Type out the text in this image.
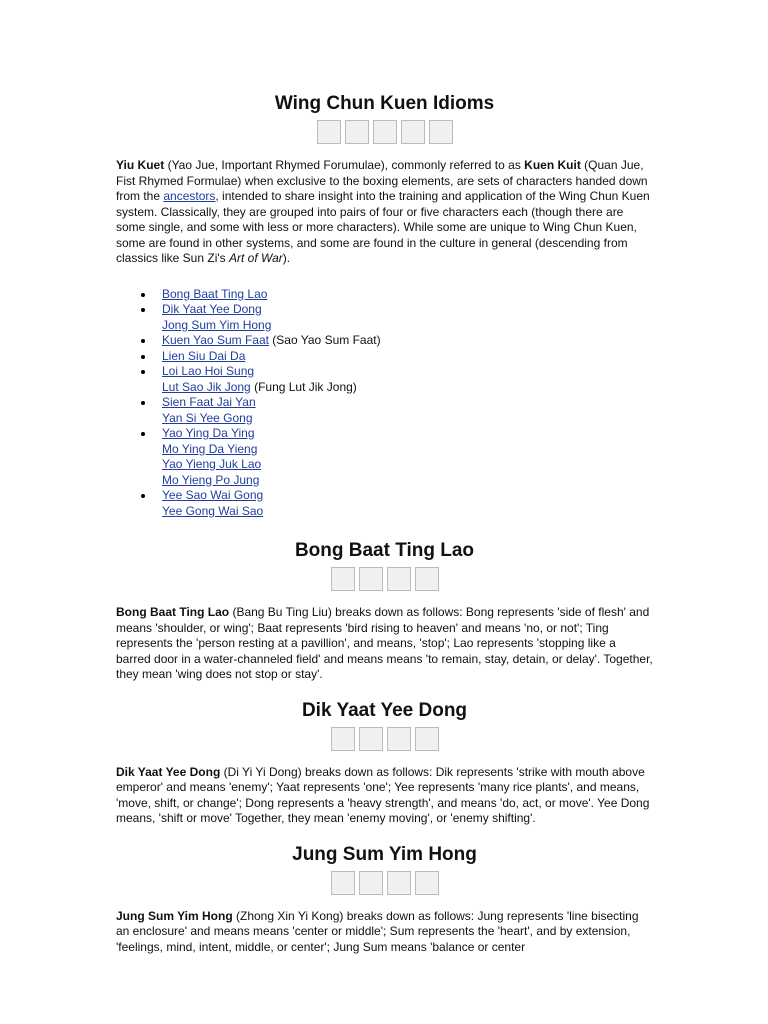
Wing Chun Kuen Idioms

Yiu Kuet (Yao Jue, Important Rhymed Forumulae), commonly referred to as Kuen Kuit (Quan Jue, Fist Rhymed Formulae) when exclusive to the boxing elements, are sets of characters handed down from the ancestors, intended to share insight into the training and application of the Wing Chun Kuen system. Classically, they are grouped into pairs of four or five characters each (though there are some single, and some with less or more characters). While some are unique to Wing Chun Kuen, some are found in other systems, and some are found in the culture in general (descending from classics like Sun Zi's Art of War).

Bong Baat Ting Lao
Dik Yaat Yee Dong
Jong Sum Yim Hong
Kuen Yao Sum Faat (Sao Yao Sum Faat)
Lien Siu Dai Da
Loi Lao Hoi Sung
Lut Sao Jik Jong (Fung Lut Jik Jong)
Sien Faat Jai Yan
Yan Si Yee Gong
Yao Ying Da Ying
Mo Ying Da Yieng
Yao Yieng Juk Lao
Mo Yieng Po Jung
Yee Sao Wai Gong
Yee Gong Wai Sao
Bong Baat Ting Lao

Bong Baat Ting Lao (Bang Bu Ting Liu) breaks down as follows: Bong represents 'side of flesh' and means 'shoulder, or wing'; Baat represents 'bird rising to heaven' and means 'no, or not'; Ting represents the 'person resting at a pavillion', and means, 'stop'; Lao represents 'stopping like a barred door in a water-channeled field' and means means 'to remain, stay, detain, or delay'. Together, they mean 'wing does not stop or stay'.

Dik Yaat Yee Dong

Dik Yaat Yee Dong (Di Yi Yi Dong) breaks down as follows: Dik represents 'strike with mouth above emperor' and means 'enemy'; Yaat represents 'one'; Yee represents 'many rice plants', and means, 'move, shift, or change'; Dong represents a 'heavy strength', and means 'do, act, or move'. Yee Dong means, 'shift or move' Together, they mean 'enemy moving', or 'enemy shifting'.

Jung Sum Yim Hong

Jung Sum Yim Hong (Zhong Xin Yi Kong) breaks down as follows: Jung represents 'line bisecting an enclosure' and means means 'center or middle'; Sum represents the 'heart', and by extension, 'feelings, mind, intent, middle, or center'; Jung Sum means 'balance or center
